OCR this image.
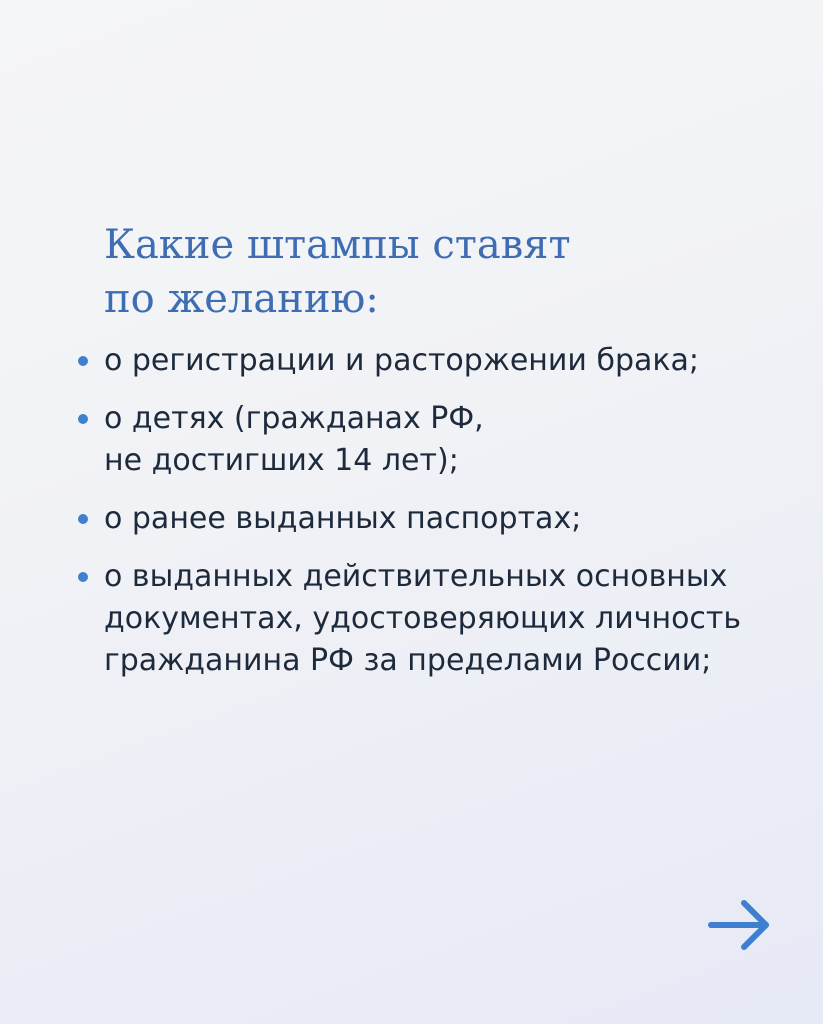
Какие штампы ставят
по желанию:
о регистрации и расторжении брака;
о детях (гражданах РФ,
не достигших 14 лет);
о ранее выданных паспортах;
о выданных действительных основных
документах, удостоверяющих личность
гражданина РФ за пределами России;
